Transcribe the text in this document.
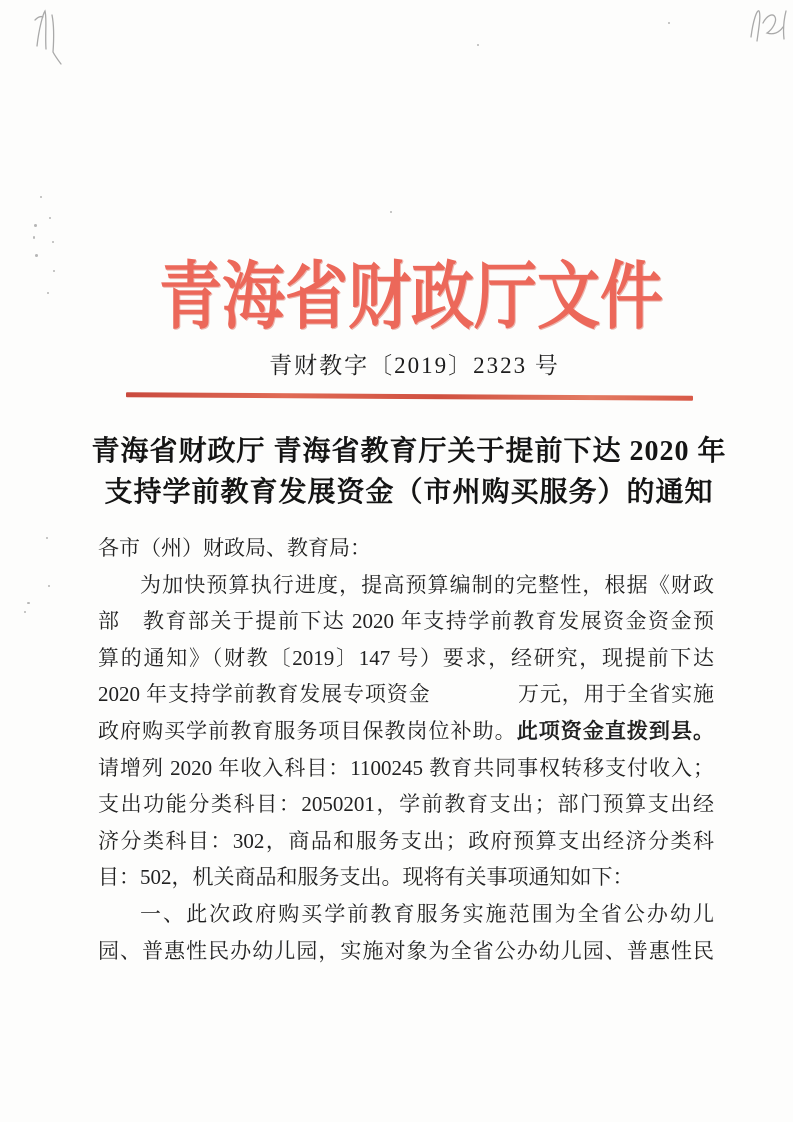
青海省财政厅文件
青财教字〔2019〕2323 号
青海省财政厅 青海省教育厅关于提前下达 2020 年
支持学前教育发展资金（市州购买服务）的通知
各市（州）财政局、教育局：
为加快预算执行进度，提高预算编制的完整性，根据《财政
部　教育部关于提前下达 2020 年支持学前教育发展资金资金预
算的通知》（财教〔2019〕147 号）要求，经研究，现提前下达
2020 年支持学前教育发展专项资金　　　　万元，用于全省实施
政府购买学前教育服务项目保教岗位补助。此项资金直拨到县。
请增列 2020 年收入科目：1100245 教育共同事权转移支付收入；
支出功能分类科目：2050201，学前教育支出；部门预算支出经
济分类科目：302，商品和服务支出；政府预算支出经济分类科
目：502，机关商品和服务支出。现将有关事项通知如下：
一、此次政府购买学前教育服务实施范围为全省公办幼儿
园、普惠性民办幼儿园，实施对象为全省公办幼儿园、普惠性民
